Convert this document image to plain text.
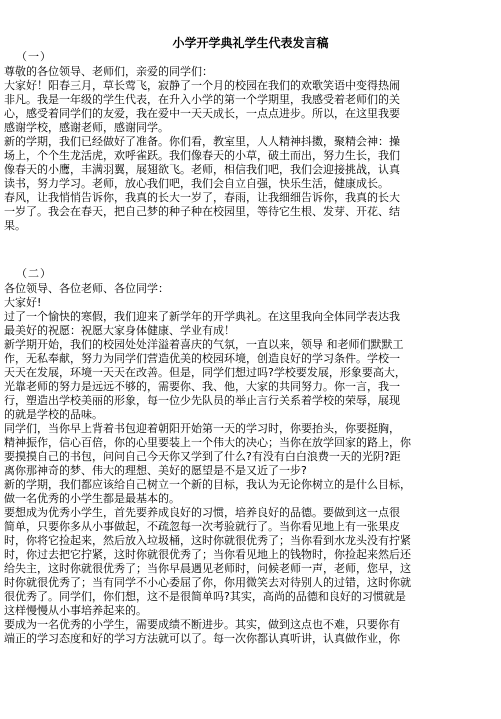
小学开学典礼学生代表发言稿
（一）
尊敬的各位领导、老师们，亲爱的同学们：
大家好！阳春三月，草长莺飞，寂静了一个月的校园在我们的欢歌笑语中变得热闹
非凡。我是一年级的学生代表，在升入小学的第一个学期里，我感受着老师们的关
心，感受着同学们的友爱，我在爱中一天天成长，一点点进步。所以，在这里我要
感谢学校，感谢老师，感谢同学。
新的学期，我们已经做好了准备。你们看，教室里，人人精神抖擞，聚精会神：操
场上，个个生龙活虎，欢呼雀跃。我们像春天的小草，破土而出，努力生长，我们
像春天的小鹰，丰满羽翼，展翅欲飞。老师，相信我们吧，我们会迎接挑战，认真
读书，努力学习。老师，放心我们吧，我们会自立自强，快乐生活，健康成长。
春风，让我悄悄告诉你，我真的长大一岁了，春雨，让我细细告诉你，我真的长大
一岁了。我会在春天，把自己梦的种子种在校园里，等待它生根、发芽、开花、结
果。
（二）
各位领导、各位老师、各位同学：
大家好!
过了一个愉快的寒假，我们迎来了新学年的开学典礼。在这里我向全体同学表达我
最美好的祝愿：祝愿大家身体健康、学业有成！
新学期开始，我们的校园处处洋溢着喜庆的气氛，一直以来，领导 和老师们默默工
作，无私奉献，努力为同学们营造优美的校园环境，创造良好的学习条件。学校一
天天在发展，环境一天天在改善。但是，同学们想过吗?学校要发展，形象要高大，
光靠老师的努力是远远不够的，需要你、我、他，大家的共同努力。你一言，我一
行，塑造出学校美丽的形象，每一位少先队员的举止言行关系着学校的荣辱，展现
的就是学校的品味。
同学们，当你早上背着书包迎着朝阳开始第一天的学习时，你要抬头，你要挺胸，
精神振作，信心百倍，你的心里要装上一个伟大的决心；当你在放学回家的路上，你
要摸摸自己的书包，问问自己今天你又学到了什么?有没有白白浪费一天的光阴?距
离你那神奇的梦、伟大的理想、美好的愿望是不是又近了一步?
新的学期，我们都应该给自己树立一个新的目标，我认为无论你树立的是什么目标，
做一名优秀的小学生都是最基本的。
要想成为优秀小学生，首先要养成良好的习惯，培养良好的品德。要做到这一点很
简单，只要你多从小事做起，不疏忽每一次考验就行了。当你看见地上有一张果皮
时，你将它捡起来，然后放入垃圾桶，这时你就很优秀了；当你看到水龙头没有拧紧
时，你过去把它拧紧，这时你就很优秀了；当你看见地上的钱物时，你捡起来然后还
给失主，这时你就很优秀了；当你早晨遇见老师时，问候老师一声，老师，您早，这
时你就很优秀了；当有同学不小心委屈了你，你用微笑去对待别人的过错，这时你就
很优秀了。同学们，你们想，这不是很简单吗?其实，高尚的品德和良好的习惯就是
这样慢慢从小事培养起来的。
要成为一名优秀的小学生，需要成绩不断进步。其实，做到这点也不难，只要你有
端正的学习态度和好的学习方法就可以了。每一次你都认真听讲，认真做作业，你
